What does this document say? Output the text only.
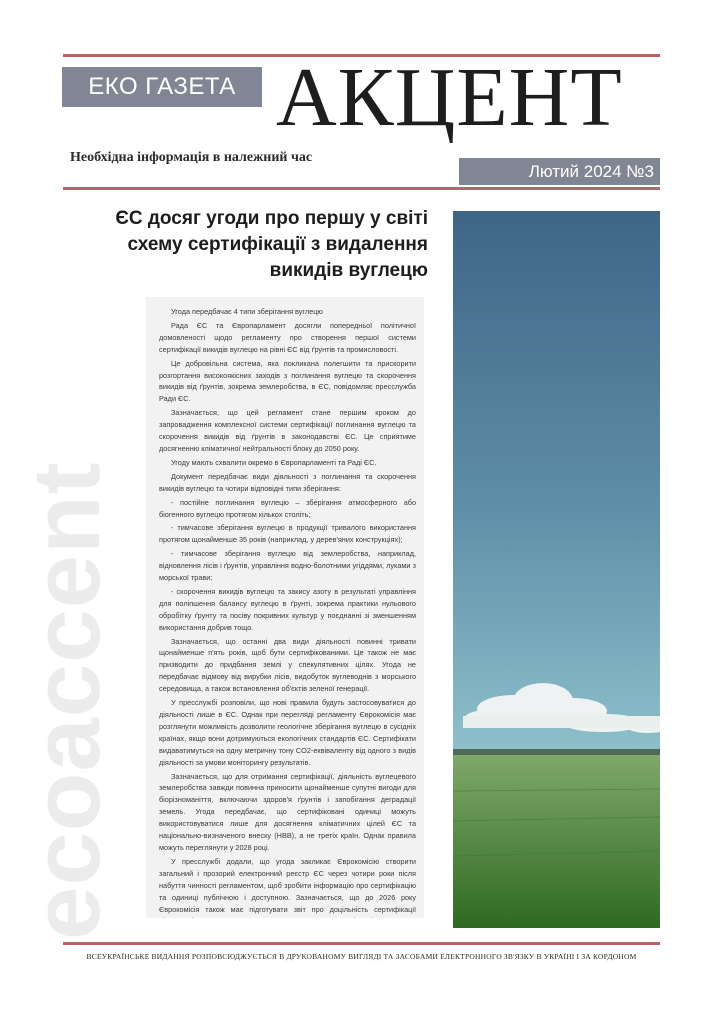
ЕКО ГАЗЕТА АКЦЕНТ
Необхідна інформація в належний час
Лютий 2024 №3
ecoaccent
ЄС досяг угоди про першу у світі схему сертифікації з видалення викидів вуглецю

Угода передбачає 4 типи зберігання вуглецю

Рада ЄС та Європарламент досягли попередньої політичної домовленості щодо регламенту про створення першої системи сертифікації викидів вуглецю на рівні ЄС від ґрунтів та промисловості.

Це добровільна система, яка покликана полегшити та прискорити розгортання високоякісних заходів з поглинання вуглецю та скорочення викидів від ґрунтів, зокрема землеробства, в ЄС, повідомляє пресслужба Ради ЄС.

Зазначається, що цей регламент стане першим кроком до запровадження комплексної системи сертифікації поглинання вуглецю та скорочення викидів від ґрунтів в законодавстві ЄС. Це сприятиме досягненню кліматичної нейтральності блоку до 2050 року.

Угоду мають схвалити окремо в Європарламенті та Раді ЄС.

Документ передбачає види діяльності з поглинання та скорочення викидів вуглецю та чотири відповідні типи зберігання:

- постійне поглинання вуглецю – зберігання атмосферного або біогенного вуглецю протягом кількох століть;

- тимчасове зберігання вуглецю в продукції тривалого використання протягом щонайменше 35 років (наприклад, у дерев'яних конструкціях);

- тимчасове зберігання вуглецю від землеробства, наприклад, відновлення лісів і ґрунтів, управління водно-болотними угіддями, луками з морської трави;

- скорочення викидів вуглецю та закису азоту в результаті управління для поліпшення балансу вуглецю в ґрунті, зокрема практики нульового обробітку ґрунту та посіву покривних культур у поєднанні зі зменшенням використання добрив тощо.

Зазначається, що останні два види діяльності повинні тривати щонайменше п'ять років, щоб бути сертифікованими. Це також не має призводити до придбання землі у спекулятивних цілях. Угода не передбачає відмову від вирубки лісів, видобуток вуглеводнів з морського середовища, а також встановлення об'єктів зеленої генерації.

У пресслужбі розповіли, що нові правила будуть застосовуватися до діяльності лише в ЄС. Однак при перегляді регламенту Єврокомісія має розглянути можливість дозволити геологічне зберігання вуглецю в сусідніх країнах, якщо вони дотримуються екологічних стандартів ЄС. Сертифікати видаватимуться на одну метричну тону CO2-еквіваленту від одного з видів діяльності за умови моніторингу результатів.

Зазначається, що для отримання сертифікації, діяльність вуглецевого землеробства завжди повинна приносити щонайменше супутні вигоди для біорізноманіття, включаючи здоров'я ґрунтів і запобігання деградації земель. Угода передбачає, що сертифіковані одиниці можуть використовуватися лише для досягнення кліматичних цілей ЄС та національно-визначеного внеску (НВВ), а не третіх країн. Однак правила можуть переглянути у 2028 році.

У пресслужбі додали, що угода закликає Єврокомісію створити загальний і прозорий електронний реєстр ЄС через чотири роки після набуття чинності регламентом, щоб зробити інформацію про сертифікацію та одиниці публічною і доступною. Зазначається, що до 2026 року Єврокомісія також має підготувати звіт про доцільність сертифікації

ВСЕУКРАЇНСЬКЕ ВИДАННЯ РОЗПОВСЮДЖУЄТЬСЯ В ДРУКОВАНОМУ ВИГЛЯДІ ТА ЗАСОБАМИ ЕЛЕКТРОННОГО ЗВ'ЯЗКУ В УКРАЇНІ І ЗА КОРДОНОМ
